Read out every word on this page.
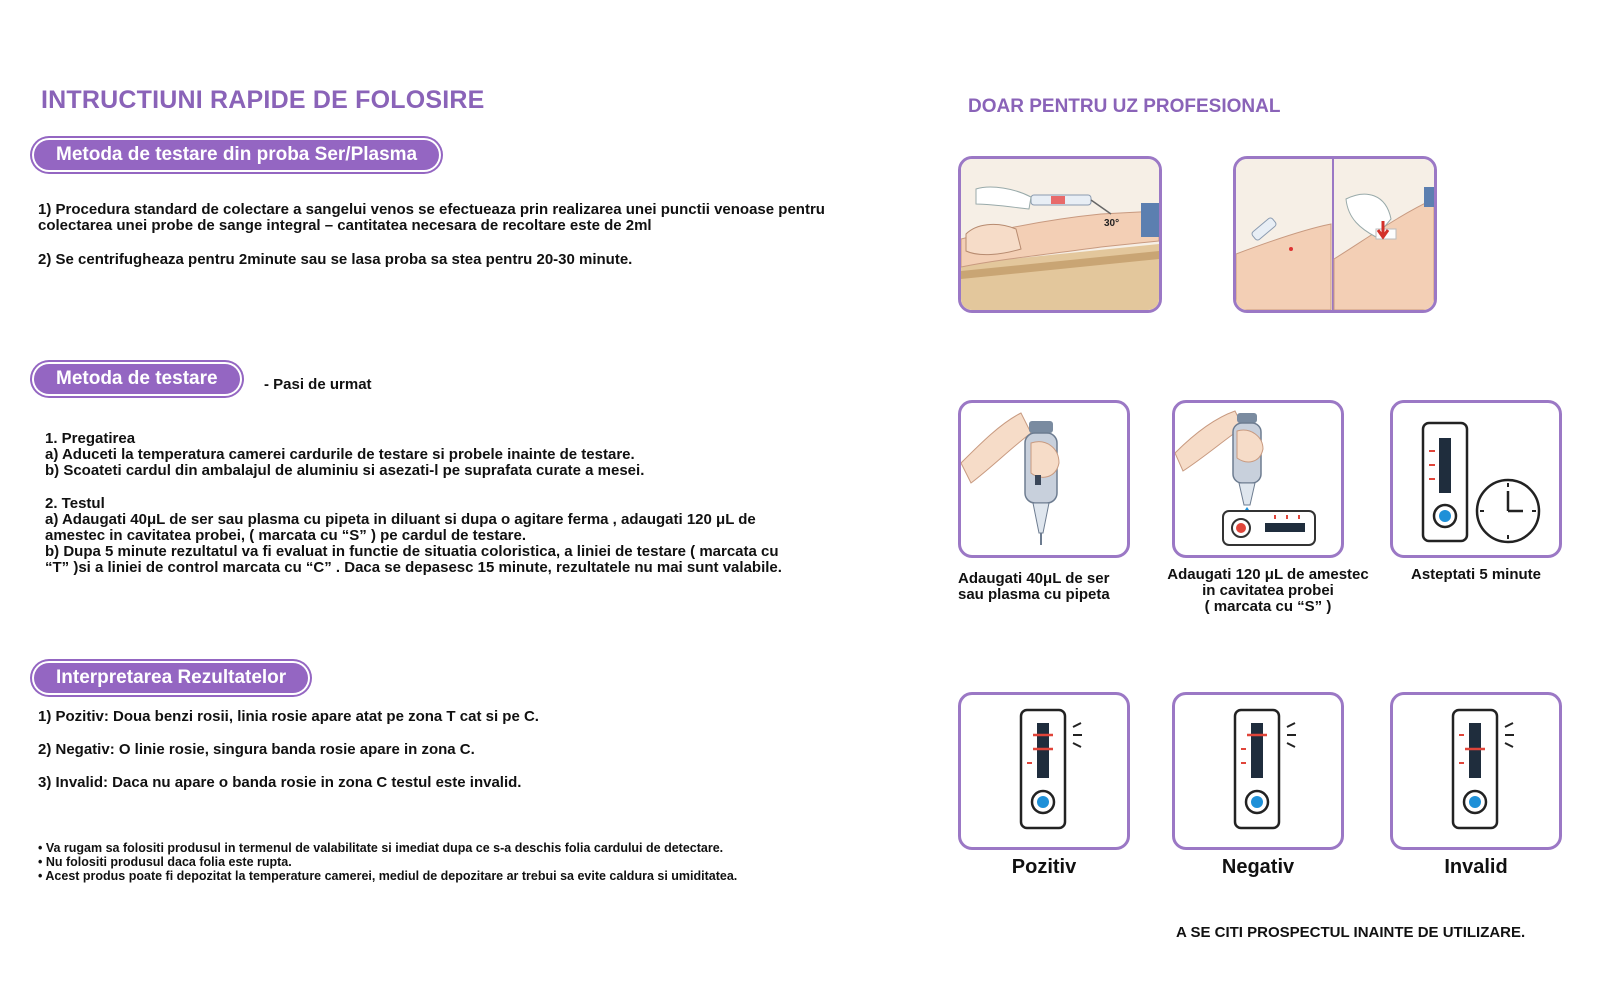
INTRUCTIUNI RAPIDE DE FOLOSIRE	DOAR PENTRU UZ PROFESIONAL
Metoda de testare din proba Ser/Plasma
1) Procedura standard de colectare a sangelui venos se efectueaza prin realizarea unei punctii venoase pentru
colectarea unei probe de sange integral – cantitatea necesara de recoltare este de 2ml
2) Se centrifugheaza pentru 2minute sau se lasa proba sa stea pentru 20-30 minute.
30°
Metoda de testare	- Pasi de urmat
1. Pregatirea
a) Aduceti la temperatura camerei cardurile de testare si probele inainte de testare.
b) Scoateti cardul din ambalajul de aluminiu si asezati-l pe suprafata curate a mesei.
2. Testul
a) Adaugati 40μL de ser sau plasma cu pipeta in diluant si dupa o agitare ferma , adaugati 120 μL de
amestec in cavitatea probei, ( marcata cu “S” ) pe cardul de testare.
b) Dupa 5 minute rezultatul va fi evaluat in functie de situatia coloristica, a liniei de testare ( marcata cu
“T” )si a liniei de control marcata cu “C” . Daca se depasesc 15 minute, rezultatele nu mai sunt valabile.
Adaugati 40μL de ser
sau plasma cu pipeta
Adaugati 120 μL de amestec
in cavitatea probei
( marcata cu “S” )
Asteptati 5 minute
Interpretarea Rezultatelor
1) Pozitiv: Doua benzi rosii, linia rosie apare atat pe zona T cat si pe C.
2) Negativ: O linie rosie, singura banda rosie apare in zona C.
3) Invalid: Daca nu apare o banda rosie in zona C testul este invalid.
• Va rugam sa folositi produsul in termenul de valabilitate si imediat dupa ce s-a deschis folia cardului de detectare.
• Nu folositi produsul daca folia este rupta.
• Acest produs poate fi depozitat la temperature camerei, mediul de depozitare ar trebui sa evite caldura si umiditatea.	Pozitiv	Negativ	Invalid
A SE CITI PROSPECTUL INAINTE DE UTILIZARE.
